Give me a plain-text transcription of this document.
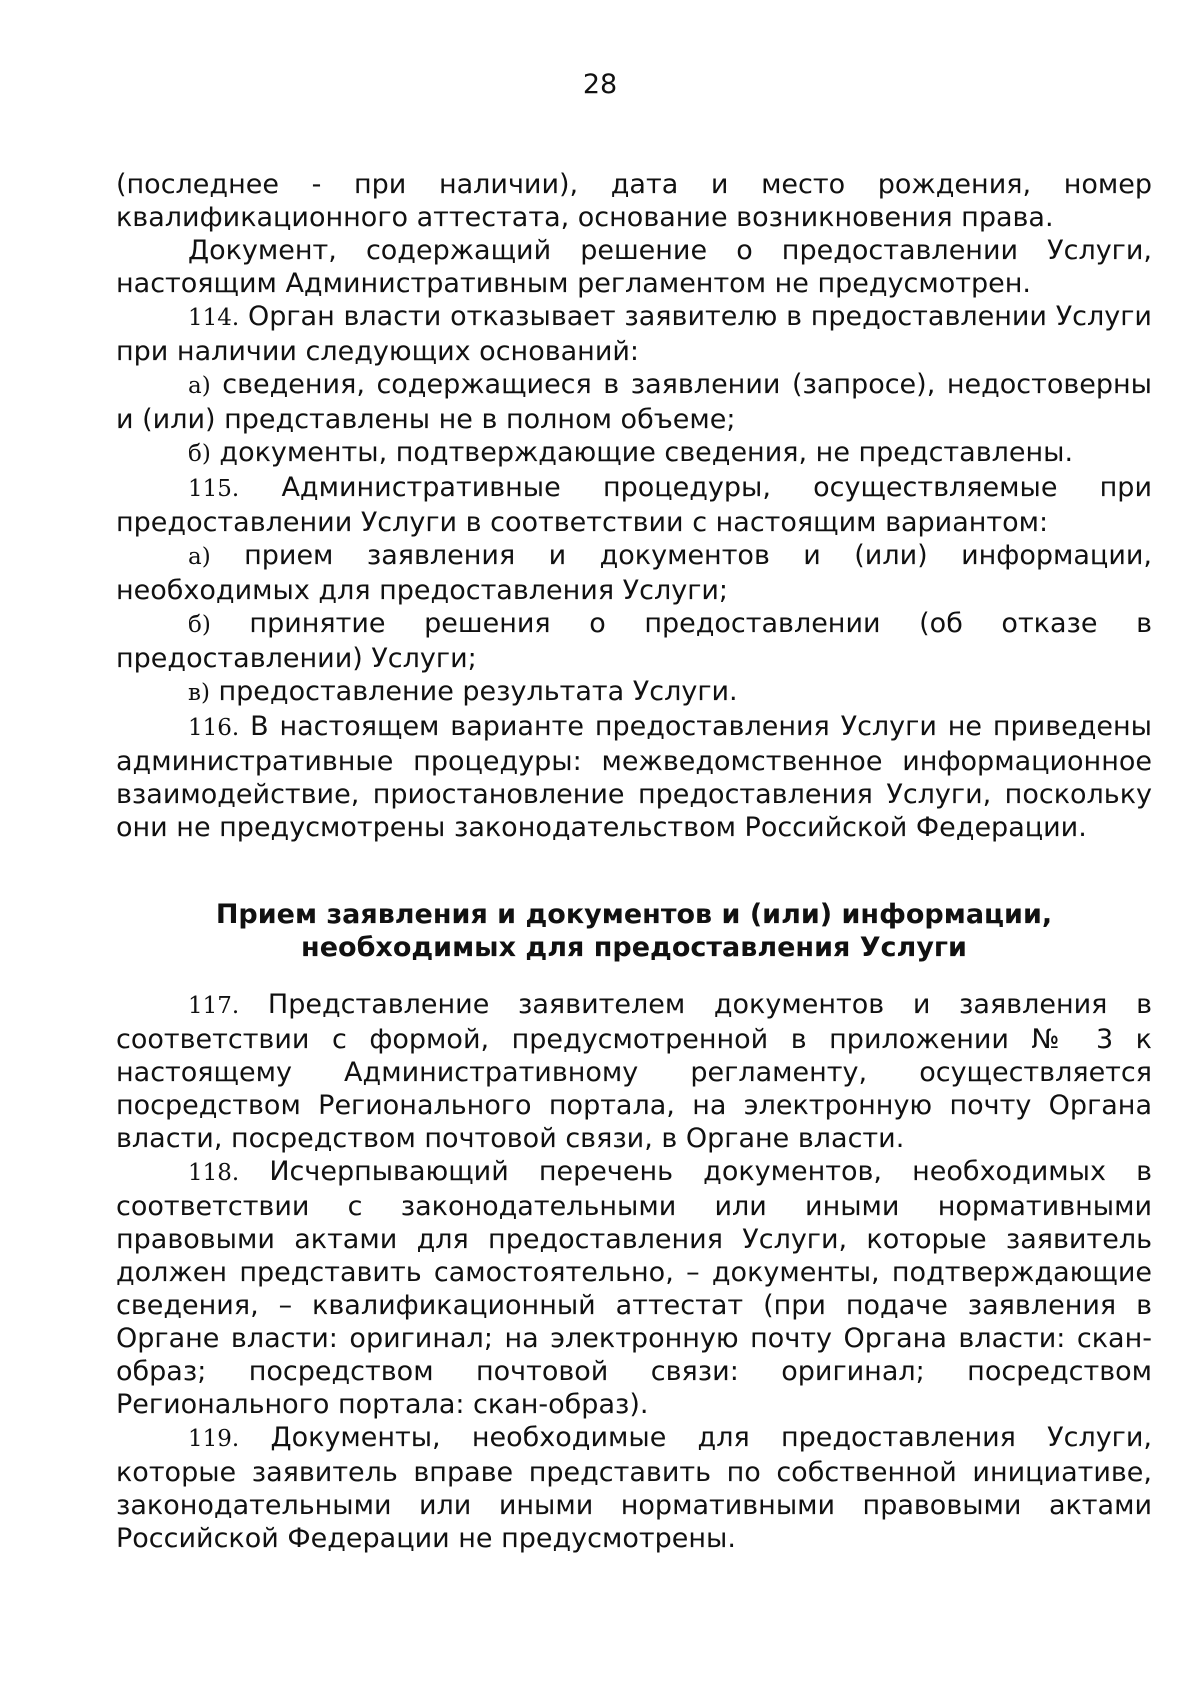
28

(последнее - при наличии), дата и место рождения, номер квалификационного аттестата, основание возникновения права.

Документ, содержащий решение о предоставлении Услуги, настоящим Административным регламентом не предусмотрен.

114. Орган власти отказывает заявителю в предоставлении Услуги при наличии следующих оснований:

а) сведения, содержащиеся в заявлении (запросе), недостоверны и (или) представлены не в полном объеме;

б) документы, подтверждающие сведения, не представлены.

115. Административные процедуры, осуществляемые при предоставлении Услуги в соответствии с настоящим вариантом:

а) прием заявления и документов и (или) информации, необходимых для предоставления Услуги;

б) принятие решения о предоставлении (об отказе в предоставлении) Услуги;

в) предоставление результата Услуги.

116. В настоящем варианте предоставления Услуги не приведены административные процедуры: межведомственное информационное взаимодействие, приостановление предоставления Услуги, поскольку они не предусмотрены законодательством Российской Федерации.

Прием заявления и документов и (или) информации,
необходимых для предоставления Услуги

117. Представление заявителем документов и заявления в соответствии с формой, предусмотренной в приложении № 3 к настоящему Административному регламенту, осуществляется посредством Регионального портала, на электронную почту Органа власти, посредством почтовой связи, в Органе власти.

118. Исчерпывающий перечень документов, необходимых в соответствии с законодательными или иными нормативными правовыми актами для предоставления Услуги, которые заявитель должен представить самостоятельно, – документы, подтверждающие сведения, – квалификационный аттестат (при подаче заявления в Органе власти: оригинал; на электронную почту Органа власти: скан-образ; посредством почтовой связи: оригинал; посредством Регионального портала: скан-образ).

119. Документы, необходимые для предоставления Услуги, которые заявитель вправе представить по собственной инициативе, законодательными или иными нормативными правовыми актами Российской Федерации не предусмотрены.
